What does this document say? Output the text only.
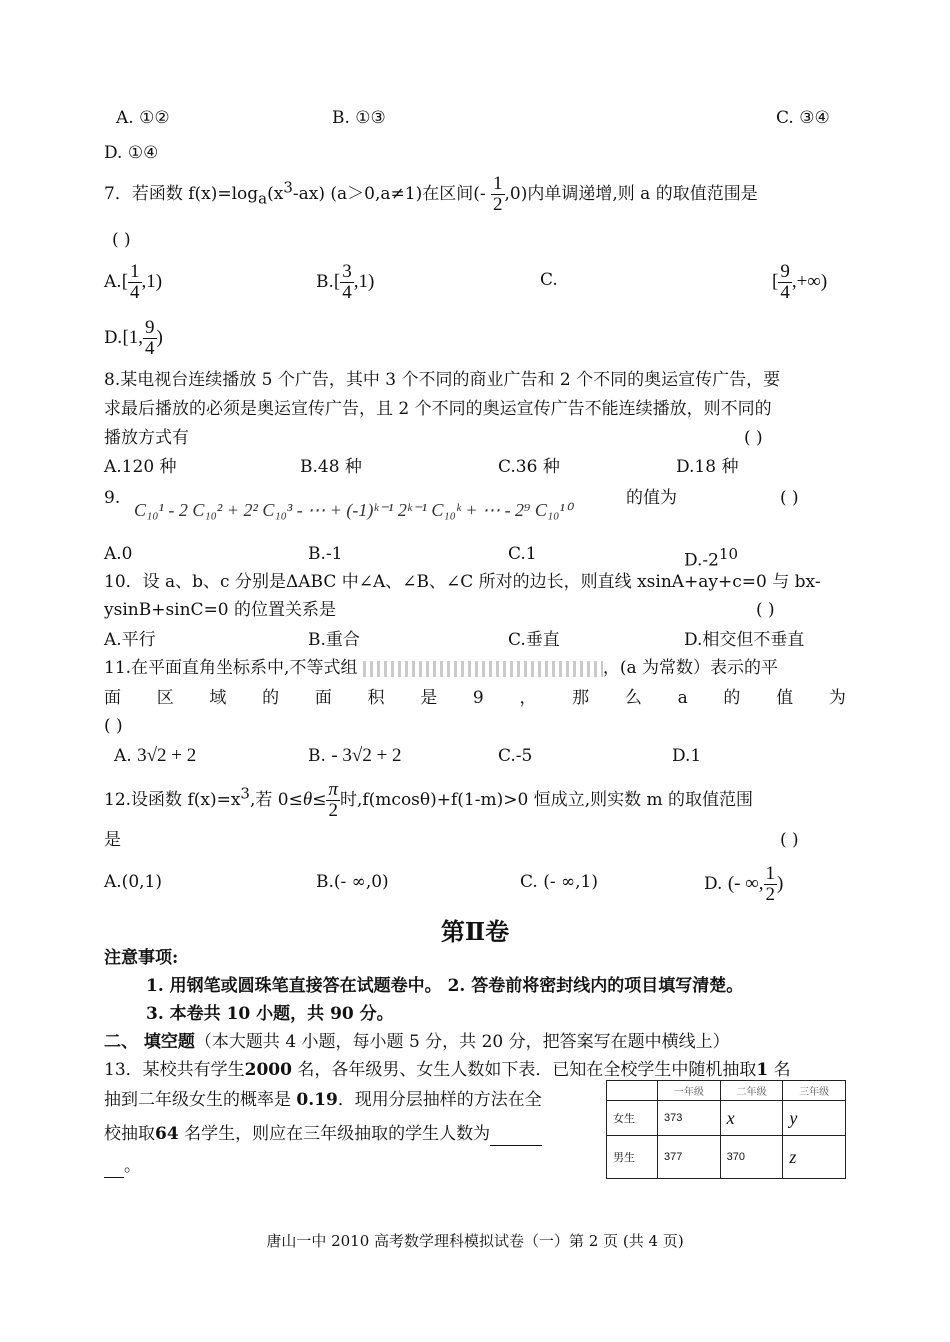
A. ①②	B. ①③	C. ③④
D. ①④
7．若函数 $f(x)=\log_a(x^3-ax)$ (a＞0,a≠1)在区间(- $\frac{1}{2} ,0$)内单调递增,则 a 的取值范围是
( )
$A.[ \frac{1}{4} ,1)$	$B.[ \frac{3}{4} ,1)$	C.	[ $\frac{9}{4}$ ,+∞)
D.[1, $\frac{9}{4}$ )
8.某电视台连续播放 5 个广告，其中 3 个不同的商业广告和 2 个不同的奥运宣传广告，要
求最后播放的必须是奥运宣传广告，且 2 个不同的奥运宣传广告不能连续播放，则不同的
播放方式有	( )
A.120 种	B.48 种	C.36 种	D.18 种
9.
C₁₀¹ - 2 C₁₀² + 2² C₁₀³ - ⋯ + (-1)ᵏ⁻¹ 2ᵏ⁻¹ C₁₀ᵏ + ⋯ - 2⁹ C₁₀¹⁰
的值为	( )
A.0	B.-1	C.1	$D.-2^{10}$
10．设 a、b、c 分别是ΔABC 中∠A、∠B、∠C 所对的边长，则直线 xsinA+ay+c=0 与 bx-
ysinB+sinC=0 的位置关系是	( )
A.平行	B.重合	C.垂直	D.相交但不垂直
11.在平面直角坐标系中,不等式组	，(a 为常数）表示的平
面 区 域 的 面 积 是 9 ， 那 么 a 的 值 为
( )
A. 3√2 + 2	B. - 3√2 + 2	C.-5	D.1
12.设函数 $f(x)=x^3$,若 $0\le\theta\le \frac{\pi}{2}$ 时,f(mcosθ)+f(1-m)>0 恒成立,则实数 m 的取值范围
是	( )
A.(0,1)	B.(- ∞,0)	C. (- ∞,1)	D. (- ∞, $\frac{1}{2}$ )
第Ⅱ卷
注意事项:
1. 用钢笔或圆珠笔直接答在试题卷中。 2. 答卷前将密封线内的项目填写清楚。
3. 本卷共 10 小题，共 90 分。
二、 填空题（本大题共 4 小题，每小题 5 分，共 20 分，把答案写在题中横线上）
13．某校共有学生2000 名，各年级男、女生人数如下表．已知在全校学生中随机抽取1 名
抽到二年级女生的概率是 0.19．现用分层抽样的方法在全
校抽取64 名学生，则应在三年级抽取的学生人数为
。
	一年级	二年级	三年级
女生	373	x	y
男生	377	370	z
唐山一中 2010 高考数学理科模拟试卷（一）第 2 页 (共 4 页)
